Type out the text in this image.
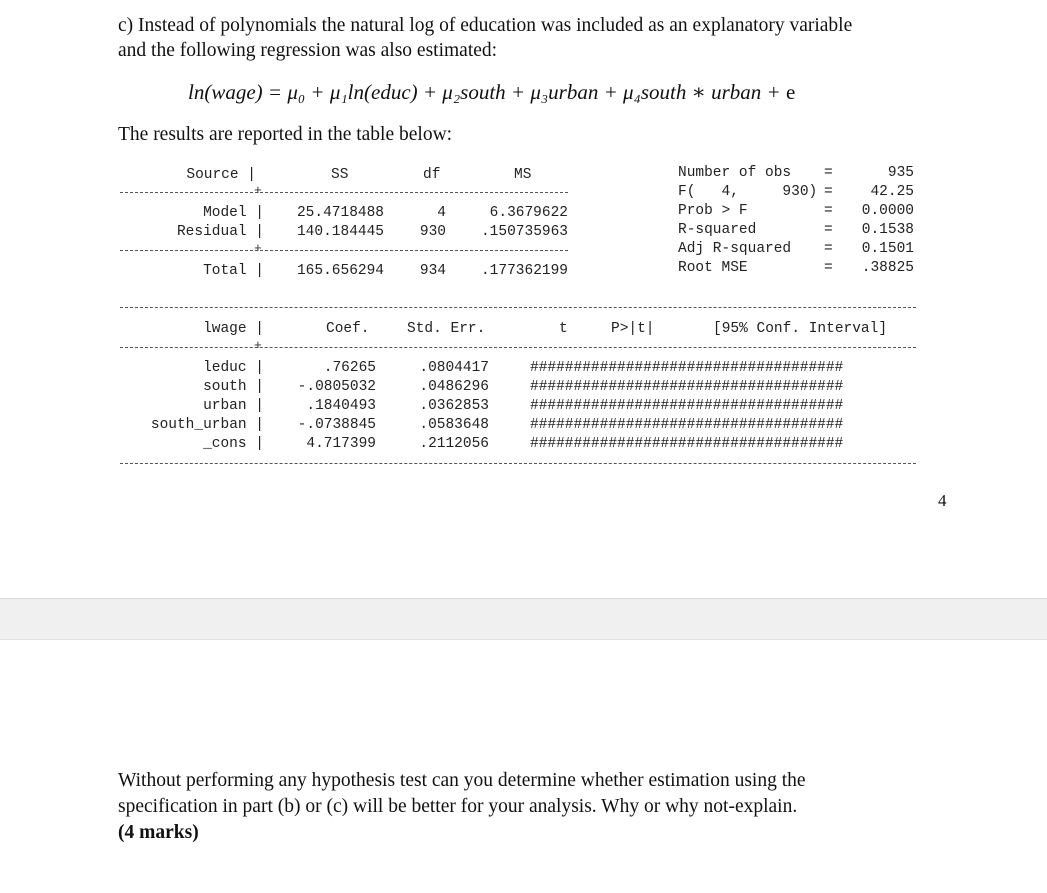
c) Instead of polynomials the natural log of education was included as an explanatory variable
and the following regression was also estimated:
ln(wage) = μ₀ + μ₁ln(educ) + μ₂south + μ₃urban + μ₄south ∗ urban + e
The results are reported in the table below:
Source |	SS	df	MS
+
Model |	25.4718488	4	6.3679622
Residual |	140.184445	930	.150735963
+
Total |	165.656294	934	.177362199
Number of obs =	935
F(   4,     930) =	42.25
Prob > F	=	0.0000
R-squared	=	0.1538
Adj R-squared =	0.1501
Root MSE	=	.38825
lwage |	Coef.	Std. Err.	t	P>|t|	[95% Conf. Interval]
+
leduc |	.76265	.0804417	####################################
south |	-.0805032	.0486296	####################################
urban |	.1840493	.0362853	####################################
south_urban |	-.0738845	.0583648	####################################
_cons |	4.717399	.2112056	####################################
4
Without performing any hypothesis test can you determine whether estimation using the
specification in part (b) or (c) will be better for your analysis. Why or why not-explain.
(4 marks)
